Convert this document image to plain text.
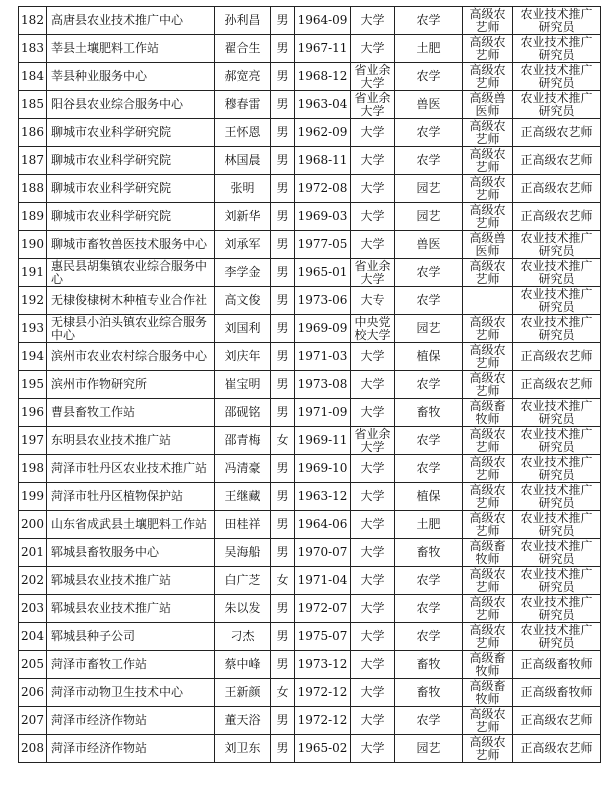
182	高唐县农业技术推广中心	孙利昌	男	1964-09	大学	农学	高级农艺师	农业技术推广研究员
183	莘县土壤肥料工作站	翟合生	男	1967-11	大学	土肥	高级农艺师	农业技术推广研究员
184	莘县种业服务中心	郝宽亮	男	1968-12	省业余大学	农学	高级农艺师	农业技术推广研究员
185	阳谷县农业综合服务中心	穆春雷	男	1963-04	省业余大学	兽医	高级兽医师	农业技术推广研究员
186	聊城市农业科学研究院	王怀恩	男	1962-09	大学	农学	高级农艺师	正高级农艺师
187	聊城市农业科学研究院	林国晨	男	1968-11	大学	农学	高级农艺师	正高级农艺师
188	聊城市农业科学研究院	张明	男	1972-08	大学	园艺	高级农艺师	正高级农艺师
189	聊城市农业科学研究院	刘新华	男	1969-03	大学	园艺	高级农艺师	正高级农艺师
190	聊城市畜牧兽医技术服务中心	刘承军	男	1977-05	大学	兽医	高级兽医师	农业技术推广研究员
191	惠民县胡集镇农业综合服务中心	李学金	男	1965-01	省业余大学	农学	高级农艺师	农业技术推广研究员
192	无棣俊棣树木种植专业合作社	高文俊	男	1973-06	大专	农学		农业技术推广研究员
193	无棣县小泊头镇农业综合服务中心	刘国利	男	1969-09	中央党校大学	园艺	高级农艺师	农业技术推广研究员
194	滨州市农业农村综合服务中心	刘庆年	男	1971-03	大学	植保	高级农艺师	正高级农艺师
195	滨州市作物研究所	崔宝明	男	1973-08	大学	农学	高级农艺师	正高级农艺师
196	曹县畜牧工作站	邵砚铭	男	1971-09	大学	畜牧	高级畜牧师	农业技术推广研究员
197	东明县农业技术推广站	邵青梅	女	1969-11	省业余大学	农学	高级农艺师	农业技术推广研究员
198	菏泽市牡丹区农业技术推广站	冯清豪	男	1969-10	大学	农学	高级农艺师	农业技术推广研究员
199	菏泽市牡丹区植物保护站	王继藏	男	1963-12	大学	植保	高级农艺师	农业技术推广研究员
200	山东省成武县土壤肥料工作站	田桂祥	男	1964-06	大学	土肥	高级农艺师	农业技术推广研究员
201	郓城县畜牧服务中心	吴海船	男	1970-07	大学	畜牧	高级畜牧师	农业技术推广研究员
202	郓城县农业技术推广站	白广芝	女	1971-04	大学	农学	高级农艺师	农业技术推广研究员
203	郓城县农业技术推广站	朱以发	男	1972-07	大学	农学	高级农艺师	农业技术推广研究员
204	郓城县种子公司	刁杰	男	1975-07	大学	农学	高级农艺师	农业技术推广研究员
205	菏泽市畜牧工作站	蔡中峰	男	1973-12	大学	畜牧	高级畜牧师	正高级畜牧师
206	菏泽市动物卫生技术中心	王新颜	女	1972-12	大学	畜牧	高级畜牧师	正高级畜牧师
207	菏泽市经济作物站	董天浴	男	1972-12	大学	农学	高级农艺师	正高级农艺师
208	菏泽市经济作物站	刘卫东	男	1965-02	大学	园艺	高级农艺师	正高级农艺师
